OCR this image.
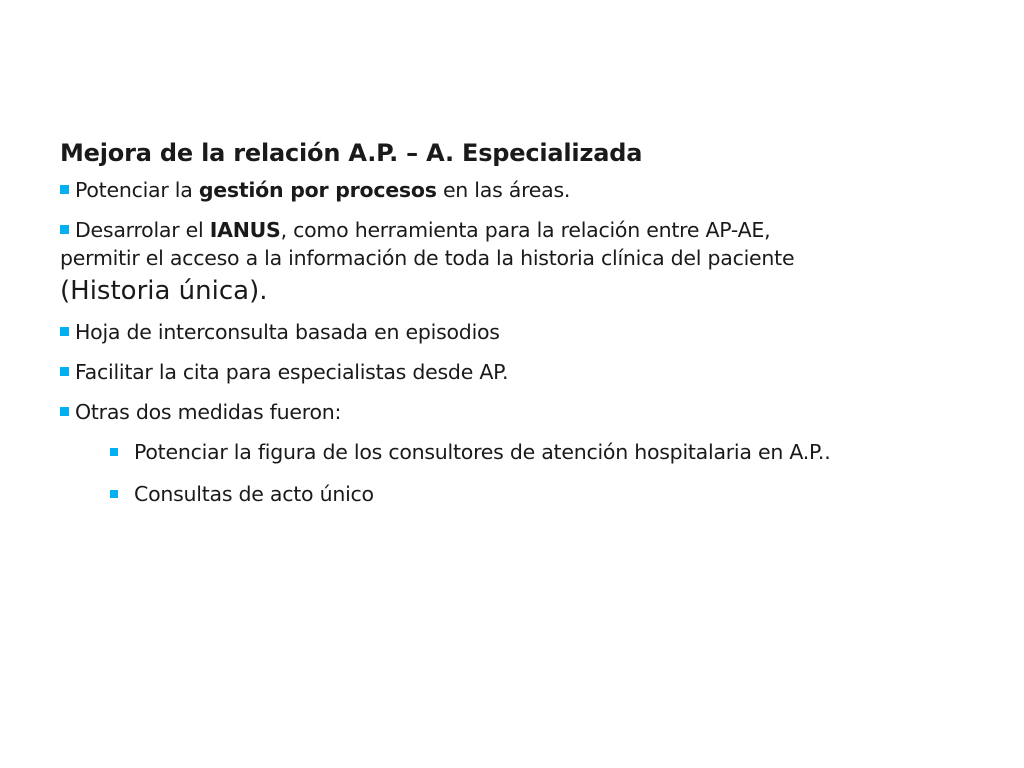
Mejora de la relación A.P. – A. Especializada
Potenciar la gestión por procesos en las áreas.
Desarrolar el IANUS, como herramienta para la relación entre AP-AE,
permitir el acceso a la información de toda la historia clínica del paciente
(Historia única).
Hoja de interconsulta basada en episodios
Facilitar la cita para especialistas desde AP.
Otras dos medidas fueron:
Potenciar la figura de los consultores de atención hospitalaria en A.P..
Consultas de acto único
